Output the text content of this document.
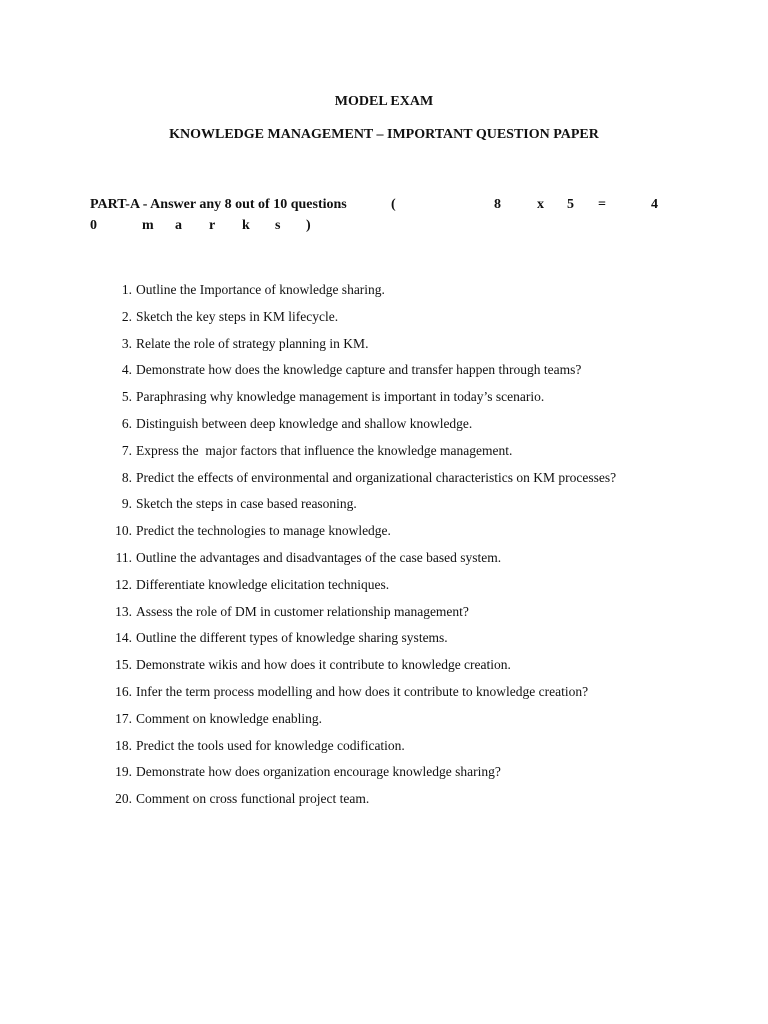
MODEL EXAM
KNOWLEDGE MANAGEMENT – IMPORTANT QUESTION PAPER
PART-A - Answer any 8 out of 10 questions	(	8	x 5 =	4
0	m a r k s )
1. Outline the Importance of knowledge sharing.
2. Sketch the key steps in KM lifecycle.
3. Relate the role of strategy planning in KM.
4. Demonstrate how does the knowledge capture and transfer happen through teams?
5. Paraphrasing why knowledge management is important in today’s scenario.
6. Distinguish between deep knowledge and shallow knowledge.
7. Express the  major factors that influence the knowledge management.
8. Predict the effects of environmental and organizational characteristics on KM processes?
9. Sketch the steps in case based reasoning.
10. Predict the technologies to manage knowledge.
11. Outline the advantages and disadvantages of the case based system.
12. Differentiate knowledge elicitation techniques.
13. Assess the role of DM in customer relationship management?
14. Outline the different types of knowledge sharing systems.
15. Demonstrate wikis and how does it contribute to knowledge creation.
16. Infer the term process modelling and how does it contribute to knowledge creation?
17. Comment on knowledge enabling.
18. Predict the tools used for knowledge codification.
19. Demonstrate how does organization encourage knowledge sharing?
20. Comment on cross functional project team.
